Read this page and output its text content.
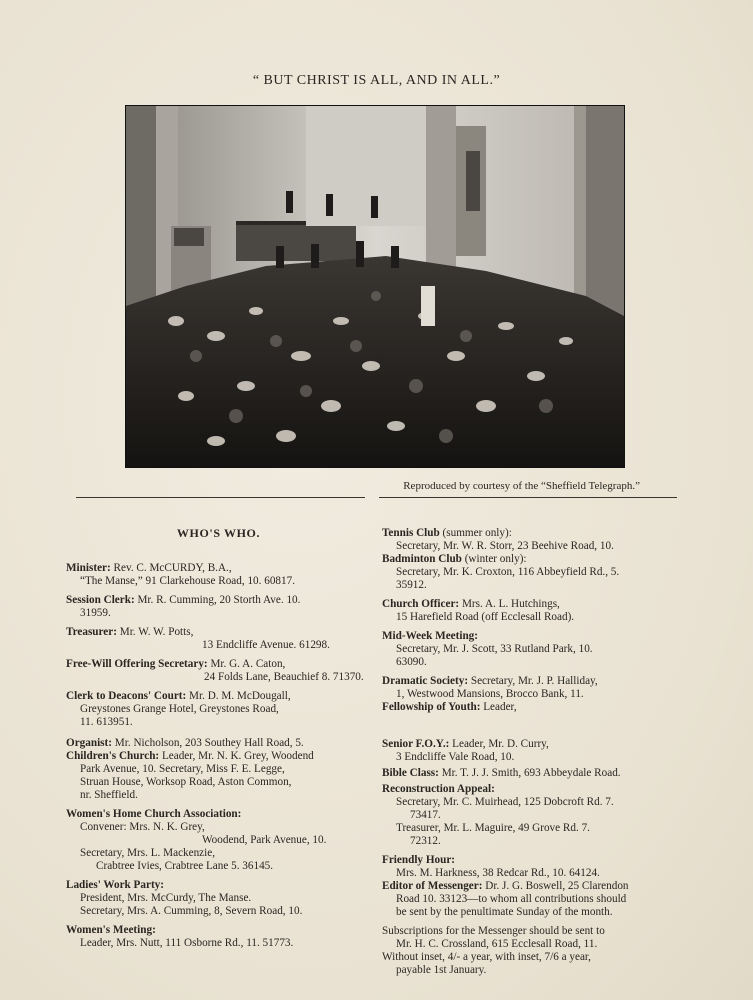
“ BUT CHRIST IS ALL, AND IN ALL.”
Reproduced by courtesy of the “Sheffield Telegraph.”
WHO'S WHO.

Minister: Rev. C. McCURDY, B.A.,

“The Manse,” 91 Clarkehouse Road, 10. 60817.

Session Clerk: Mr. R. Cumming, 20 Storth Ave. 10.

31959.

Treasurer: Mr. W. W. Potts,

13 Endcliffe Avenue. 61298.

Free-Will Offering Secretary: Mr. G. A. Caton,

24 Folds Lane, Beauchief 8. 71370.

Clerk to Deacons' Court: Mr. D. M. McDougall,

Greystones Grange Hotel, Greystones Road,

11. 613951.

Organist: Mr. Nicholson, 203 Southey Hall Road, 5.

Children's Church: Leader, Mr. N. K. Grey, Woodend

Park Avenue, 10. Secretary, Miss F. E. Legge,

Struan House, Worksop Road, Aston Common,

nr. Sheffield.

Women's Home Church Association:

Convener: Mrs. N. K. Grey,

Woodend, Park Avenue, 10.

Secretary, Mrs. L. Mackenzie,

Crabtree Ivies, Crabtree Lane 5. 36145.

Ladies' Work Party:

President, Mrs. McCurdy, The Manse.

Secretary, Mrs. A. Cumming, 8, Severn Road, 10.

Women's Meeting:

Leader, Mrs. Nutt, 111 Osborne Rd., 11. 51773.

Tennis Club (summer only):

Secretary, Mr. W. R. Storr, 23 Beehive Road, 10.

Badminton Club (winter only):

Secretary, Mr. K. Croxton, 116 Abbeyfield Rd., 5.

35912.

Church Officer: Mrs. A. L. Hutchings,

15 Harefield Road (off Ecclesall Road).

Mid-Week Meeting:

Secretary, Mr. J. Scott, 33 Rutland Park, 10.

63090.

Dramatic Society: Secretary, Mr. J. P. Halliday,

1, Westwood Mansions, Brocco Bank, 11.

Fellowship of Youth: Leader,

Senior F.O.Y.: Leader, Mr. D. Curry,

3 Endcliffe Vale Road, 10.

Bible Class: Mr. T. J. J. Smith, 693 Abbeydale Road.

Reconstruction Appeal:

Secretary, Mr. C. Muirhead, 125 Dobcroft Rd. 7.

73417.

Treasurer, Mr. L. Maguire, 49 Grove Rd. 7.

72312.

Friendly Hour:

Mrs. M. Harkness, 38 Redcar Rd., 10. 64124.

Editor of Messenger: Dr. J. G. Boswell, 25 Clarendon

Road 10. 33123—to whom all contributions should

be sent by the penultimate Sunday of the month.

Subscriptions for the Messenger should be sent to

Mr. H. C. Crossland, 615 Ecclesall Road, 11.

Without inset, 4/- a year, with inset, 7/6 a year,

payable 1st January.
